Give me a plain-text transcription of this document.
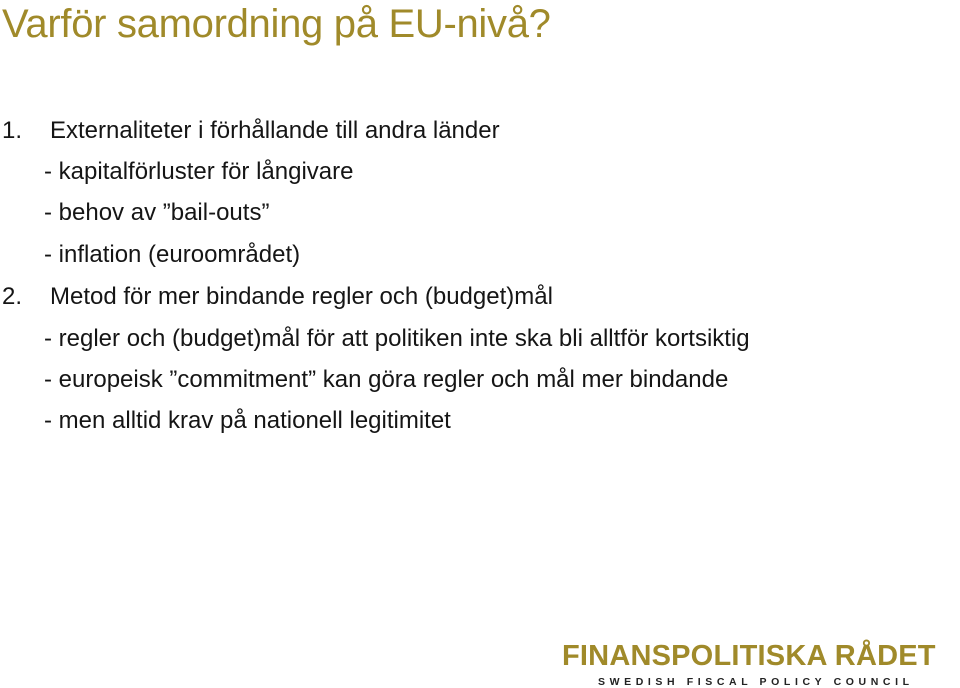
Varför samordning på EU-nivå?
1. Externaliteter i förhållande till andra länder
- kapitalförluster för långivare
- behov av ”bail-outs”
- inflation (euroområdet)
2. Metod för mer bindande regler och (budget)mål
- regler och (budget)mål för att politiken inte ska bli alltför kortsiktig
- europeisk ”commitment” kan göra regler och mål mer bindande
- men alltid krav på nationell legitimitet
FINANSPOLITISKA RÅDET
SWEDISH FISCAL POLICY COUNCIL
